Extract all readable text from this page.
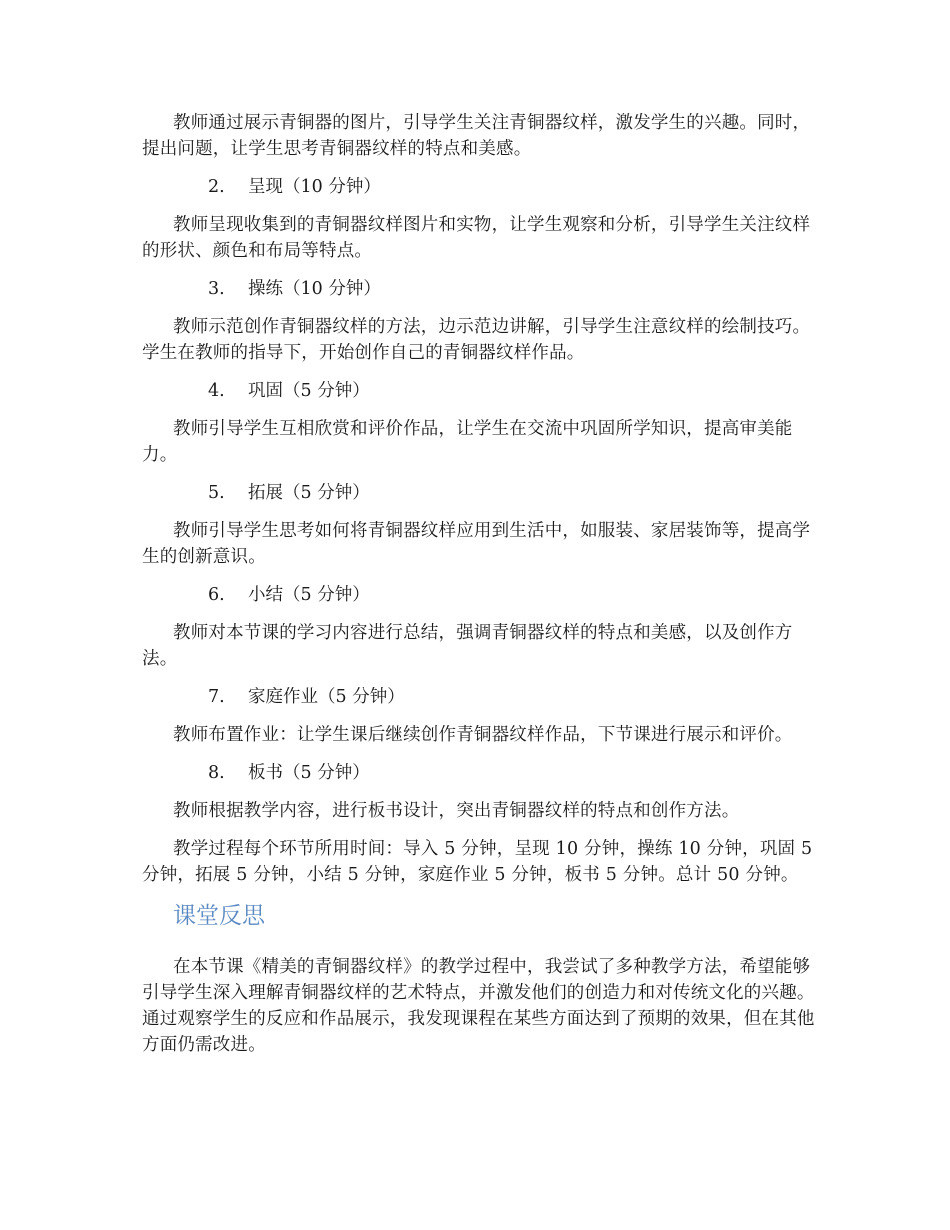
教师通过展示青铜器的图片，引导学生关注青铜器纹样，激发学生的兴趣。同时，提出问题，让学生思考青铜器纹样的特点和美感。

2.	呈现（10 分钟）

教师呈现收集到的青铜器纹样图片和实物，让学生观察和分析，引导学生关注纹样的形状、颜色和布局等特点。

3.	操练（10 分钟）

教师示范创作青铜器纹样的方法，边示范边讲解，引导学生注意纹样的绘制技巧。学生在教师的指导下，开始创作自己的青铜器纹样作品。

4.	巩固（5 分钟）

教师引导学生互相欣赏和评价作品，让学生在交流中巩固所学知识，提高审美能力。

5.	拓展（5 分钟）

教师引导学生思考如何将青铜器纹样应用到生活中，如服装、家居装饰等，提高学生的创新意识。

6.	小结（5 分钟）

教师对本节课的学习内容进行总结，强调青铜器纹样的特点和美感，以及创作方法。

7.	家庭作业（5 分钟）

教师布置作业：让学生课后继续创作青铜器纹样作品，下节课进行展示和评价。

8.	板书（5 分钟）

教师根据教学内容，进行板书设计，突出青铜器纹样的特点和创作方法。

教学过程每个环节所用时间：导入 5 分钟，呈现 10 分钟，操练 10 分钟，巩固 5 分钟，拓展 5 分钟，小结 5 分钟，家庭作业 5 分钟，板书 5 分钟。总计 50 分钟。

课堂反思

在本节课《精美的青铜器纹样》的教学过程中，我尝试了多种教学方法，希望能够引导学生深入理解青铜器纹样的艺术特点，并激发他们的创造力和对传统文化的兴趣。通过观察学生的反应和作品展示，我发现课程在某些方面达到了预期的效果，但在其他方面仍需改进。
